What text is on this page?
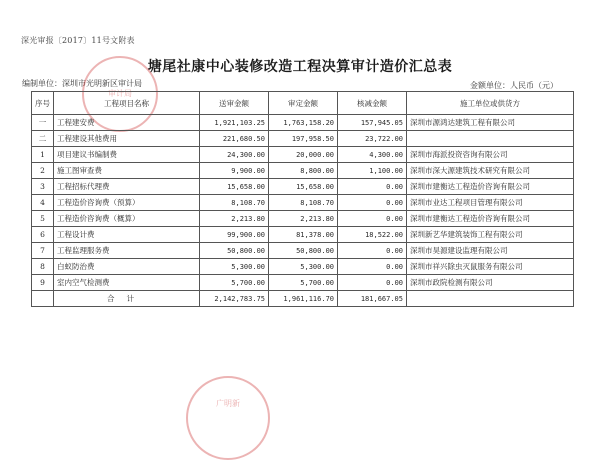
深光审报〔2017〕11号文附表
塘尾社康中心装修改造工程决算审计造价汇总表
编制单位：深圳市光明新区审计局	金额单位：人民币（元）
审计局
序号	工程项目名称	送审金额	审定金额	核减金额	施工单位或供货方
一	工程建安费	1,921,103.25	1,763,158.20	157,945.05	深圳市源鸿达建筑工程有限公司
二	工程建设其他费用	221,680.50	197,958.50	23,722.00	
1	项目建议书编制费	24,300.00	20,000.00	4,300.00	深圳市海派投资咨询有限公司
2	施工图审查费	9,900.00	8,800.00	1,100.00	深圳市深大源建筑技术研究有限公司
3	工程招标代理费	15,658.00	15,658.00	0.00	深圳市建衡达工程造价咨询有限公司
4	工程造价咨询费（预算）	8,108.70	8,108.70	0.00	深圳市业达工程项目管理有限公司
5	工程造价咨询费（概算）	2,213.80	2,213.80	0.00	深圳市建衡达工程造价咨询有限公司
6	工程设计费	99,900.00	81,378.00	18,522.00	深圳新艺华建筑装饰工程有限公司
7	工程监理服务费	50,800.00	50,800.00	0.00	深圳市昊源建设监理有限公司
8	白蚁防治费	5,300.00	5,300.00	0.00	深圳市祥兴除虫灭鼠服务有限公司
9	室内空气检测费	5,700.00	5,700.00	0.00	深圳市政院检测有限公司
	合计	2,142,783.75	1,961,116.70	181,667.05	
广明新
